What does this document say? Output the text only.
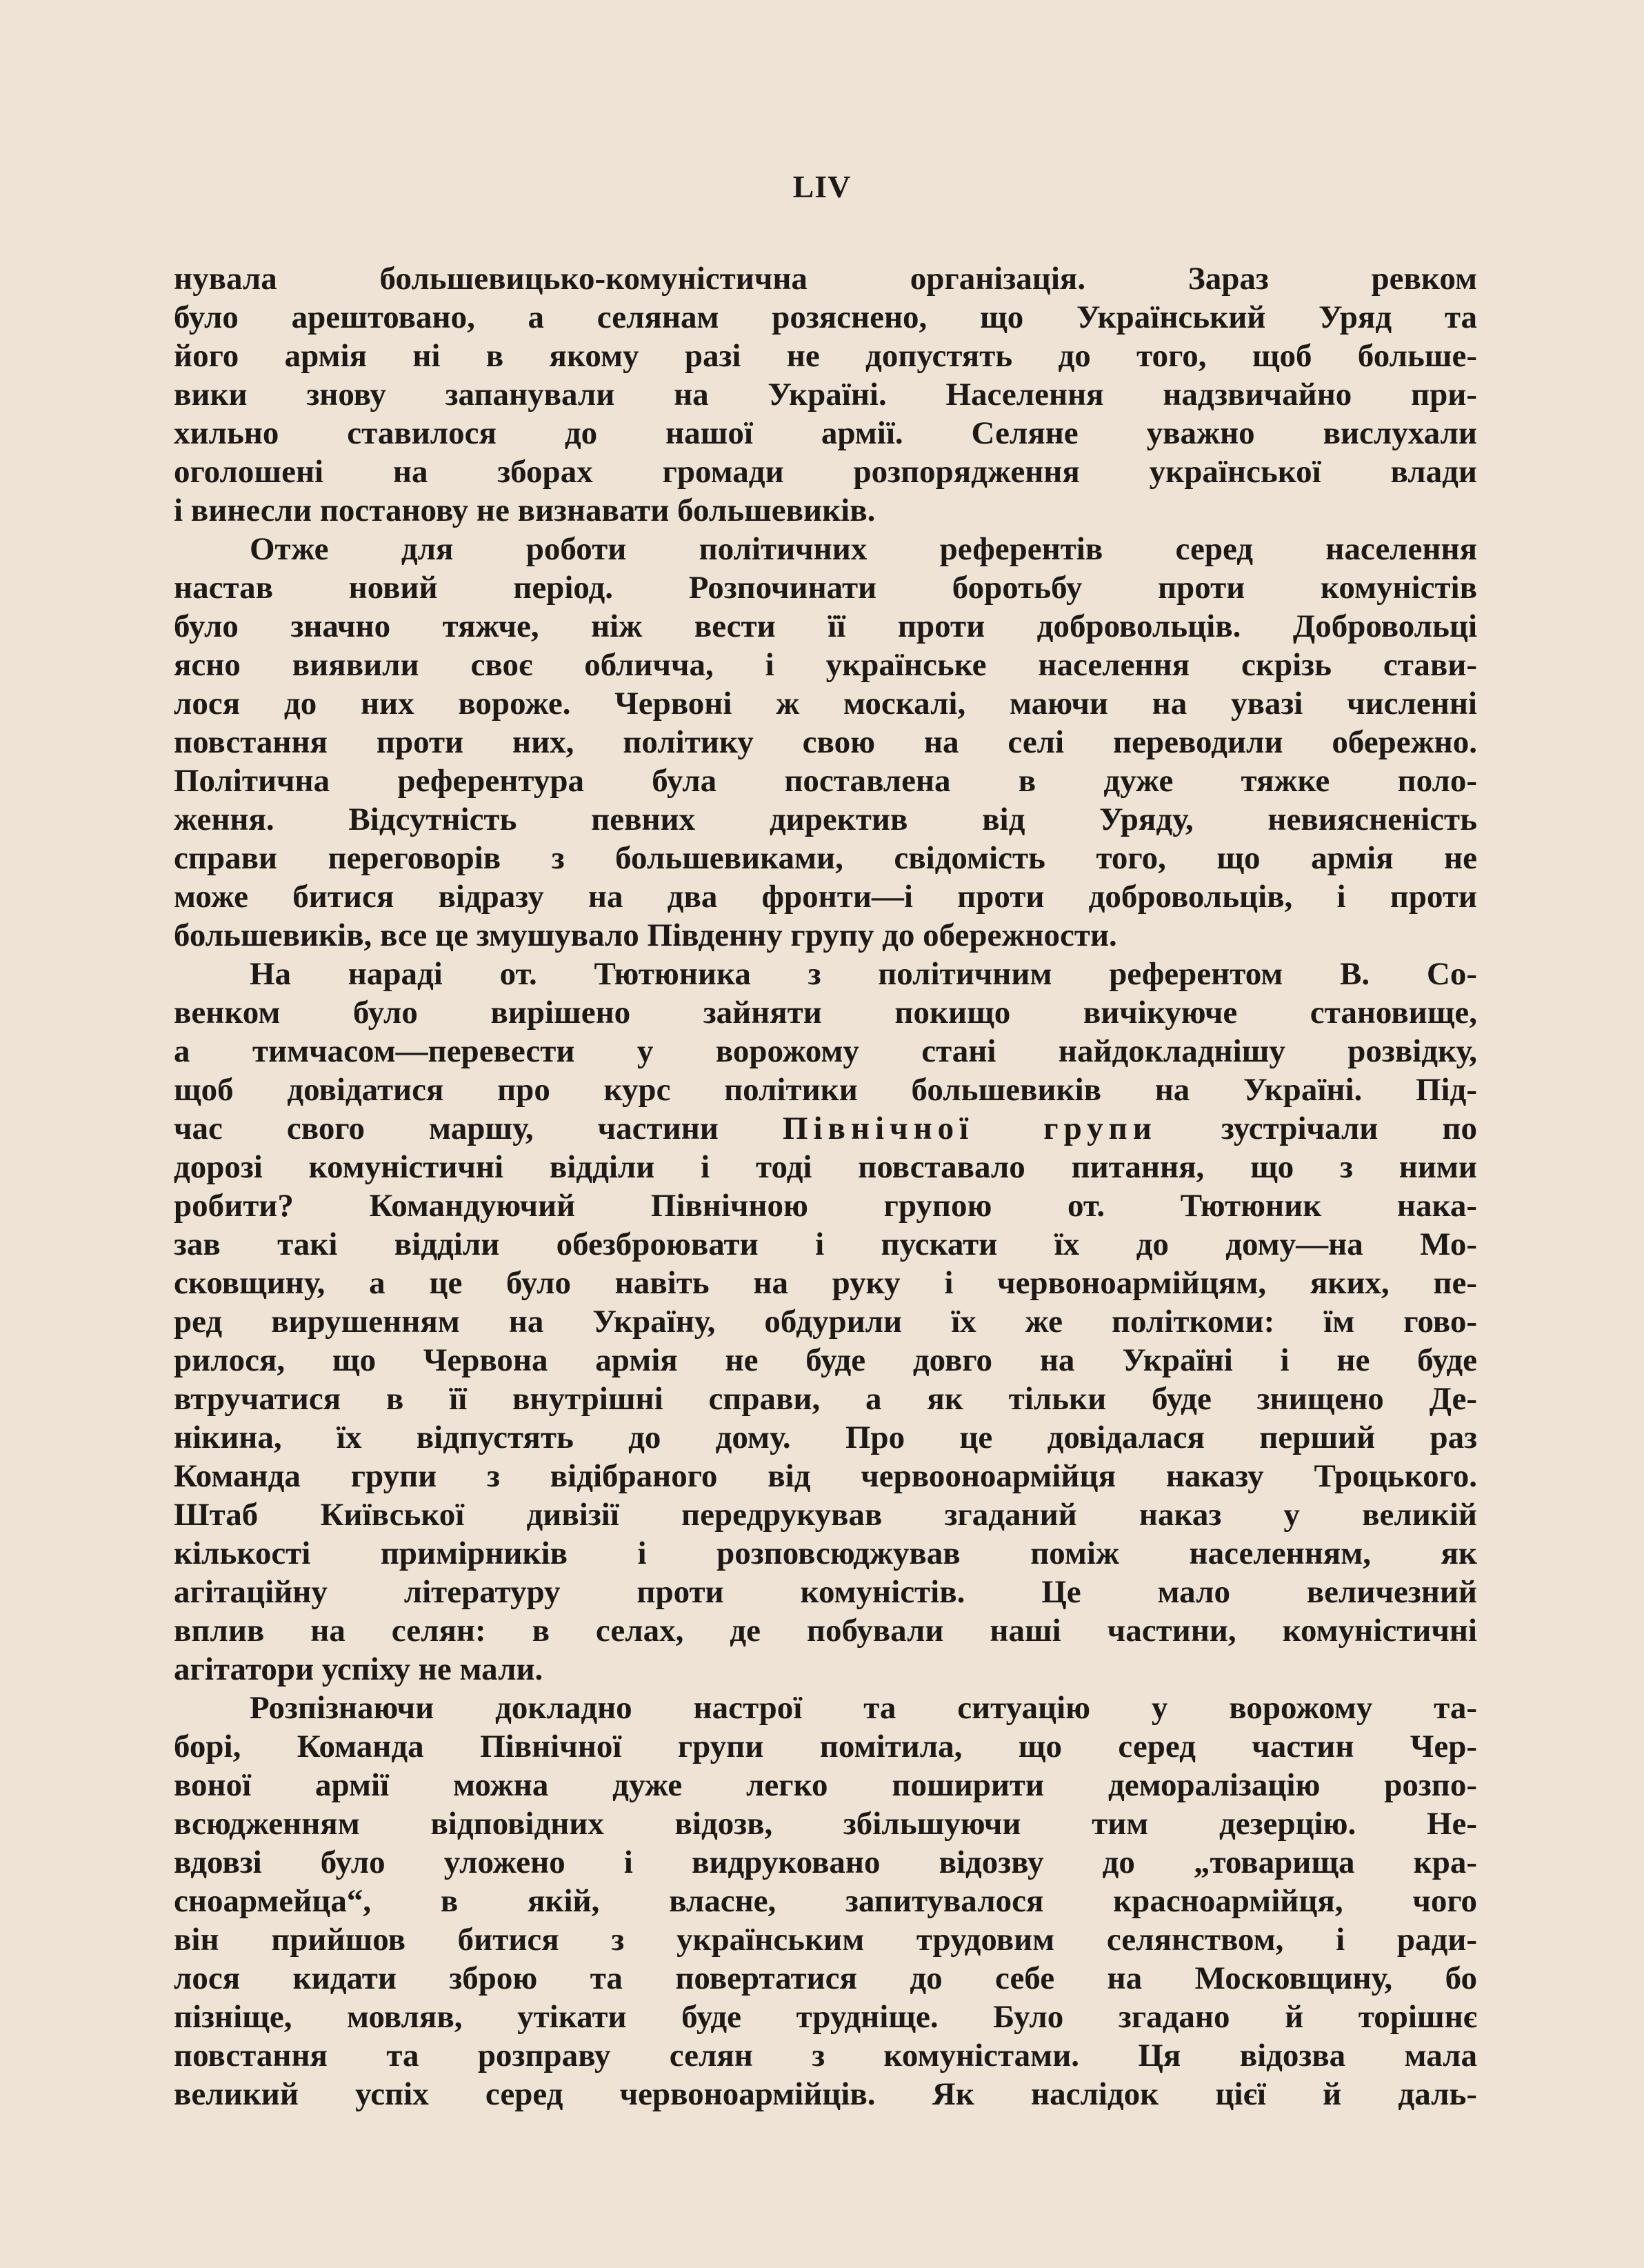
LIV
нувала большевицько-комуністична організація. Зараз ревком
було арештовано, а селянам розяснено, що Український Уряд та
його армія ні в якому разі не допустять до того, щоб больше-
вики знову запанували на Україні. Населення надзвичайно при-
хильно ставилося до нашої армії. Селяне уважно вислухали
оголошені на зборах громади розпорядження української влади
і винесли постанову не визнавати большевиків.
Отже для роботи політичних референтів серед населення
настав новий період. Розпочинати боротьбу проти комуністів
було значно тяжче, ніж вести її проти добровольців. Добровольці
ясно виявили своє обличча, і українське населення скрізь стави-
лося до них вороже. Червоні ж москалі, маючи на увазі численні
повстання проти них, політику свою на селі переводили обережно.
Політична референтура була поставлена в дуже тяжке поло-
ження. Відсутність певних директив від Уряду, невиясненість
справи переговорів з большевиками, свідомість того, що армія не
може битися відразу на два фронти—і проти добровольців, і проти
большевиків, все це змушувало Південну групу до обережности.
На нараді от. Тютюника з політичним референтом В. Со-
венком було вирішено зайняти покищо вичікуюче становище,
а тимчасом—перевести у ворожому стані найдокладнішу розвідку,
щоб довідатися про курс політики большевиків на Україні. Під-
час свого маршу, частини Північної групи зустрічали по
дорозі комуністичні відділи і тоді повставало питання, що з ними
робити? Командуючий Північною групою от. Тютюник нака-
зав такі відділи обезброювати і пускати їх до дому—на Мо-
сковщину, а це було навіть на руку і червоноармійцям, яких, пе-
ред вирушенням на Україну, обдурили їх же політкоми: їм гово-
рилося, що Червона армія не буде довго на Україні і не буде
втручатися в її внутрішні справи, а як тільки буде знищено Де-
нікина, їх відпустять до дому. Про це довідалася перший раз
Команда групи з відібраного від червооноармійця наказу Троцького.
Штаб Київської дивізії передрукував згаданий наказ у великій
кількості примірників і розповсюджував поміж населенням, як
агітаційну літературу проти комуністів. Це мало величезний
вплив на селян: в селах, де побували наші частини, комуністичні
агітатори успіху не мали.
Розпізнаючи докладно настрої та ситуацію у ворожому та-
борі, Команда Північної групи помітила, що серед частин Чер-
воної армії можна дуже легко поширити деморалізацію розпо-
всюдженням відповідних відозв, збільшуючи тим дезерцію. Не-
вдовзі було уложено і видруковано відозву до „товарища кра-
сноармейца“, в якій, власне, запитувалося красноармійця, чого
він прийшов битися з українським трудовим селянством, і ради-
лося кидати зброю та повертатися до себе на Московщину, бо
пізніще, мовляв, утікати буде трудніще. Було згадано й торішнє
повстання та розправу селян з комуністами. Ця відозва мала
великий успіх серед червоноармійців. Як наслідок цієї й даль-
